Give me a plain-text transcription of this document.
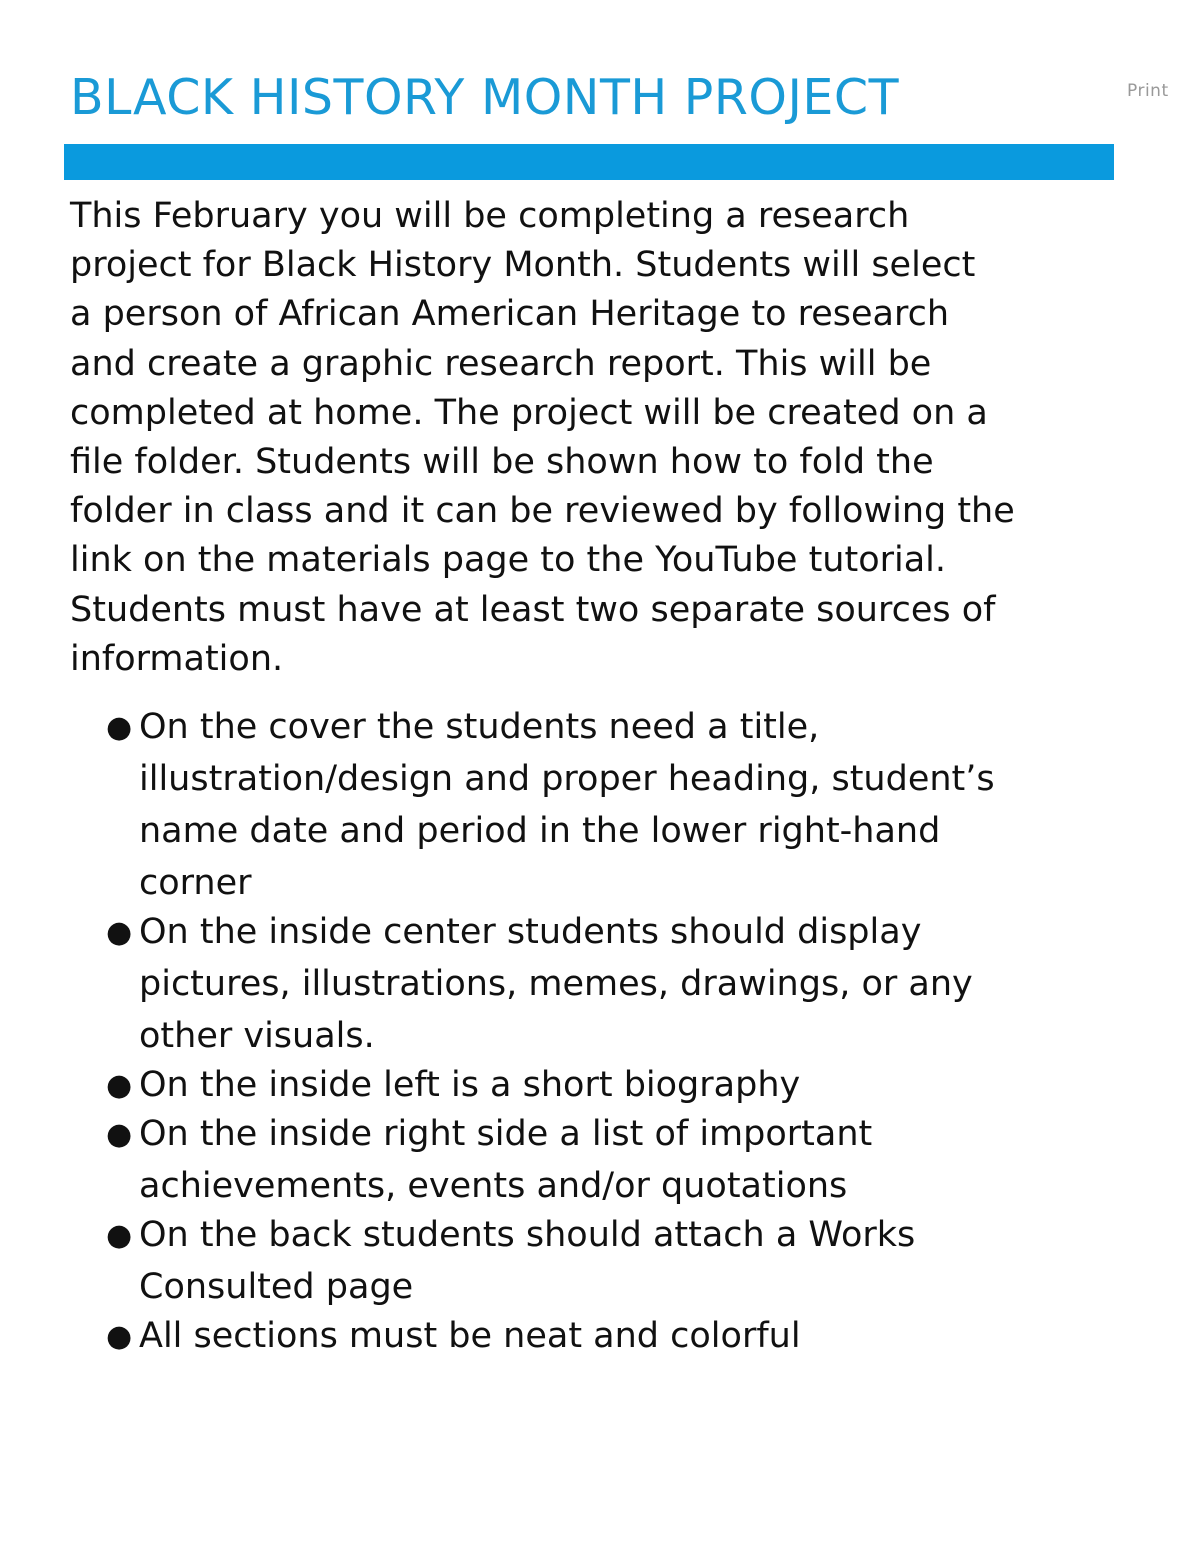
BLACK HISTORY MONTH PROJECT	Print

This February you will be completing a research
project for Black History Month. Students will select
a person of African American Heritage to research
and create a graphic research report. This will be
completed at home. The project will be created on a
file folder. Students will be shown how to fold the
folder in class and it can be reviewed by following the
link on the materials page to the YouTube tutorial.
Students must have at least two separate sources of
information.

● On the cover the students need a title,
illustration/design and proper heading, student’s
name date and period in the lower right-hand
corner
● On the inside center students should display
pictures, illustrations, memes, drawings, or any
other visuals.
● On the inside left is a short biography
● On the inside right side a list of important
achievements, events and/or quotations
● On the back students should attach a Works
Consulted page
● All sections must be neat and colorful
